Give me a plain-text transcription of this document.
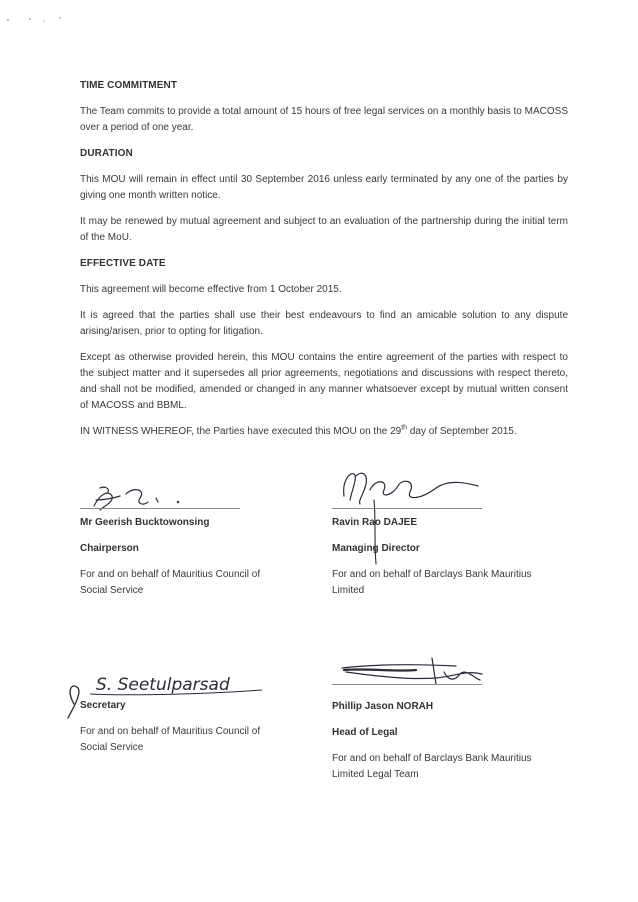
TIME COMMITMENT

The Team commits to provide a total amount of 15 hours of free legal services on a monthly basis to MACOSS over a period of one year.

DURATION

This MOU will remain in effect until 30 September 2016 unless early terminated by any one of the parties by giving one month written notice.

It may be renewed by mutual agreement and subject to an evaluation of the partnership during the initial term of the MoU.

EFFECTIVE DATE

This agreement will become effective from 1 October 2015.

It is agreed that the parties shall use their best endeavours to find an amicable solution to any dispute arising/arisen, prior to opting for litigation.

Except as otherwise provided herein, this MOU contains the entire agreement of the parties with respect to the subject matter and it supersedes all prior agreements, negotiations and discussions with respect thereto, and shall not be modified, amended or changed in any manner whatsoever except by mutual written consent of MACOSS and BBML.

IN WITNESS WHEREOF, the Parties have executed this MOU on the 29th day of September 2015.

Mr Geerish Bucktowonsing
Chairperson
For and on behalf of Mauritius Council of Social Service
Ravin Rao DAJEE
Managing Director
For and on behalf of Barclays Bank Mauritius Limited
S. Seetulparsad
Secretary
For and on behalf of Mauritius Council of Social Service
Phillip Jason NORAH
Head of Legal
For and on behalf of Barclays Bank Mauritius Limited Legal Team
